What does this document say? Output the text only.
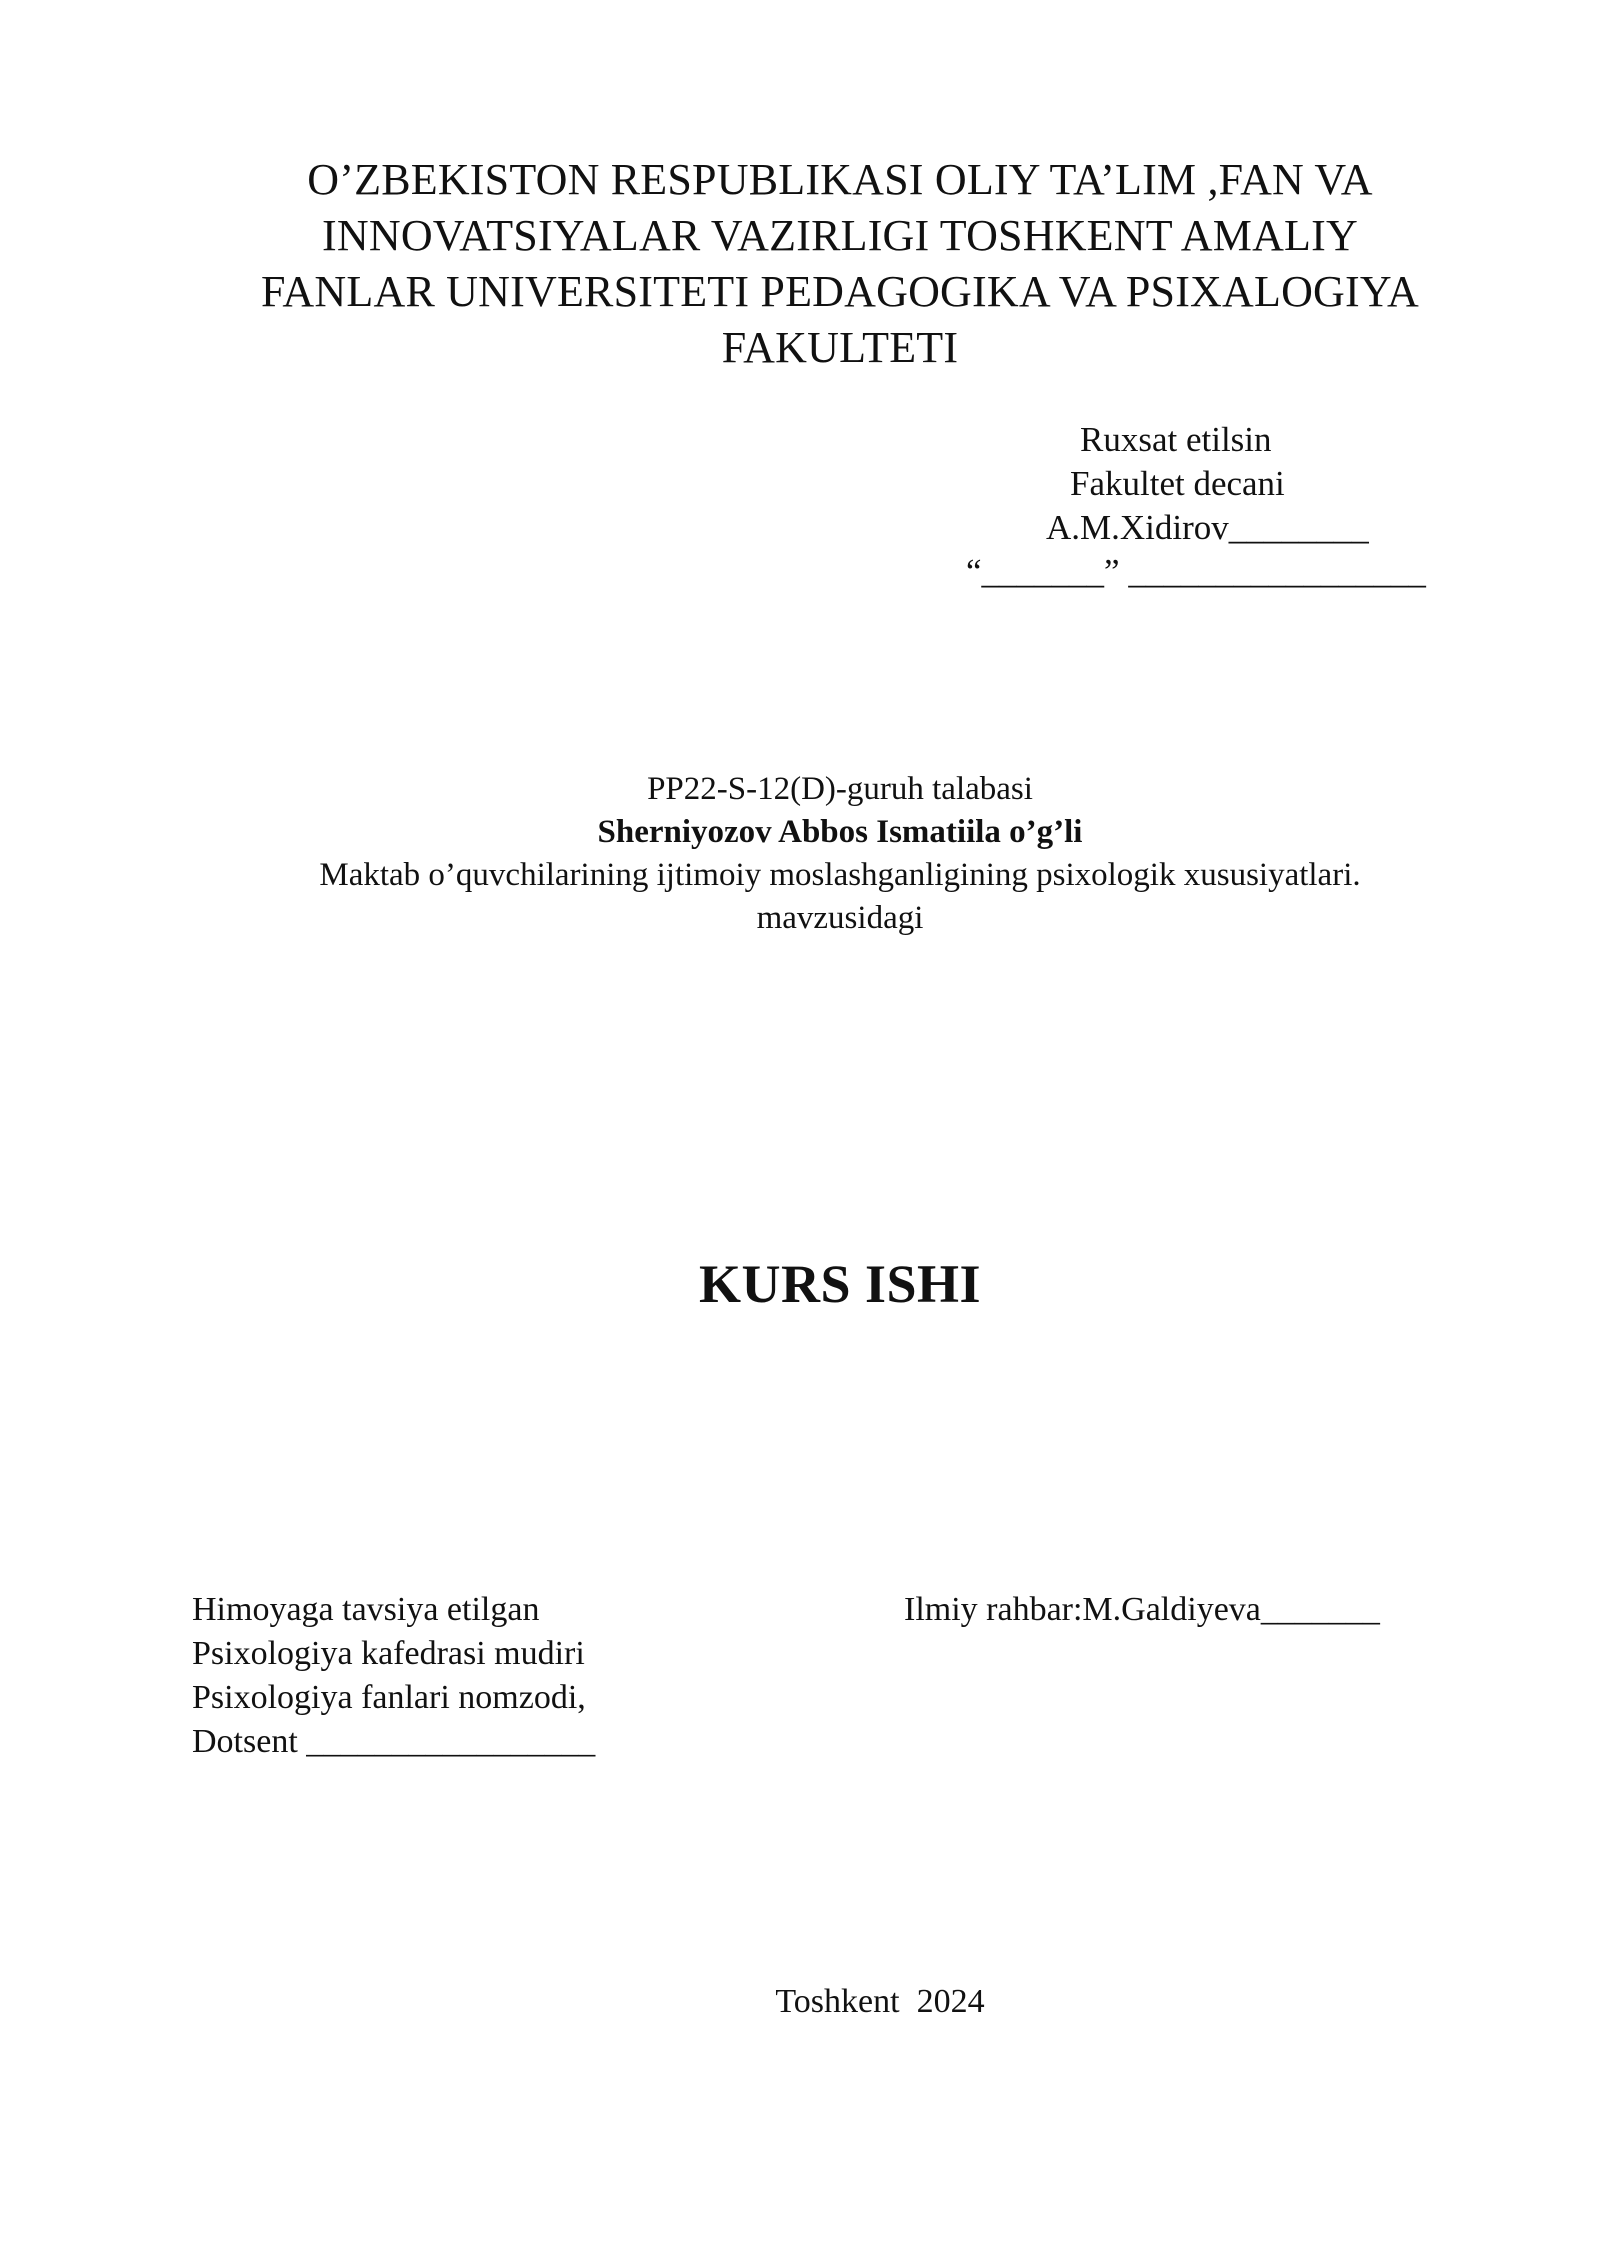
O’ZBEKISTON RESPUBLIKASI OLIY TA’LIM ,FAN VA
INNOVATSIYALAR VAZIRLIGI TOSHKENT AMALIY
FANLAR UNIVERSITETI PEDAGOGIKA VA PSIXALOGIYA
FAKULTETI
Ruxsat etilsin
Fakultet decani
A.M.Xidirov________
“_______” _________________
PP22-S-12(D)-guruh talabasi
Sherniyozov Abbos Ismatiila o’g’li
Maktab o’quvchilarining ijtimoiy moslashganligining psixologik xususiyatlari.
mavzusidagi
KURS ISHI
Himoyaga tavsiya etilgan
Psixologiya kafedrasi mudiri
Psixologiya fanlari nomzodi,
Dotsent _________________
Ilmiy rahbar:M.Galdiyeva_______
Toshkent  2024
